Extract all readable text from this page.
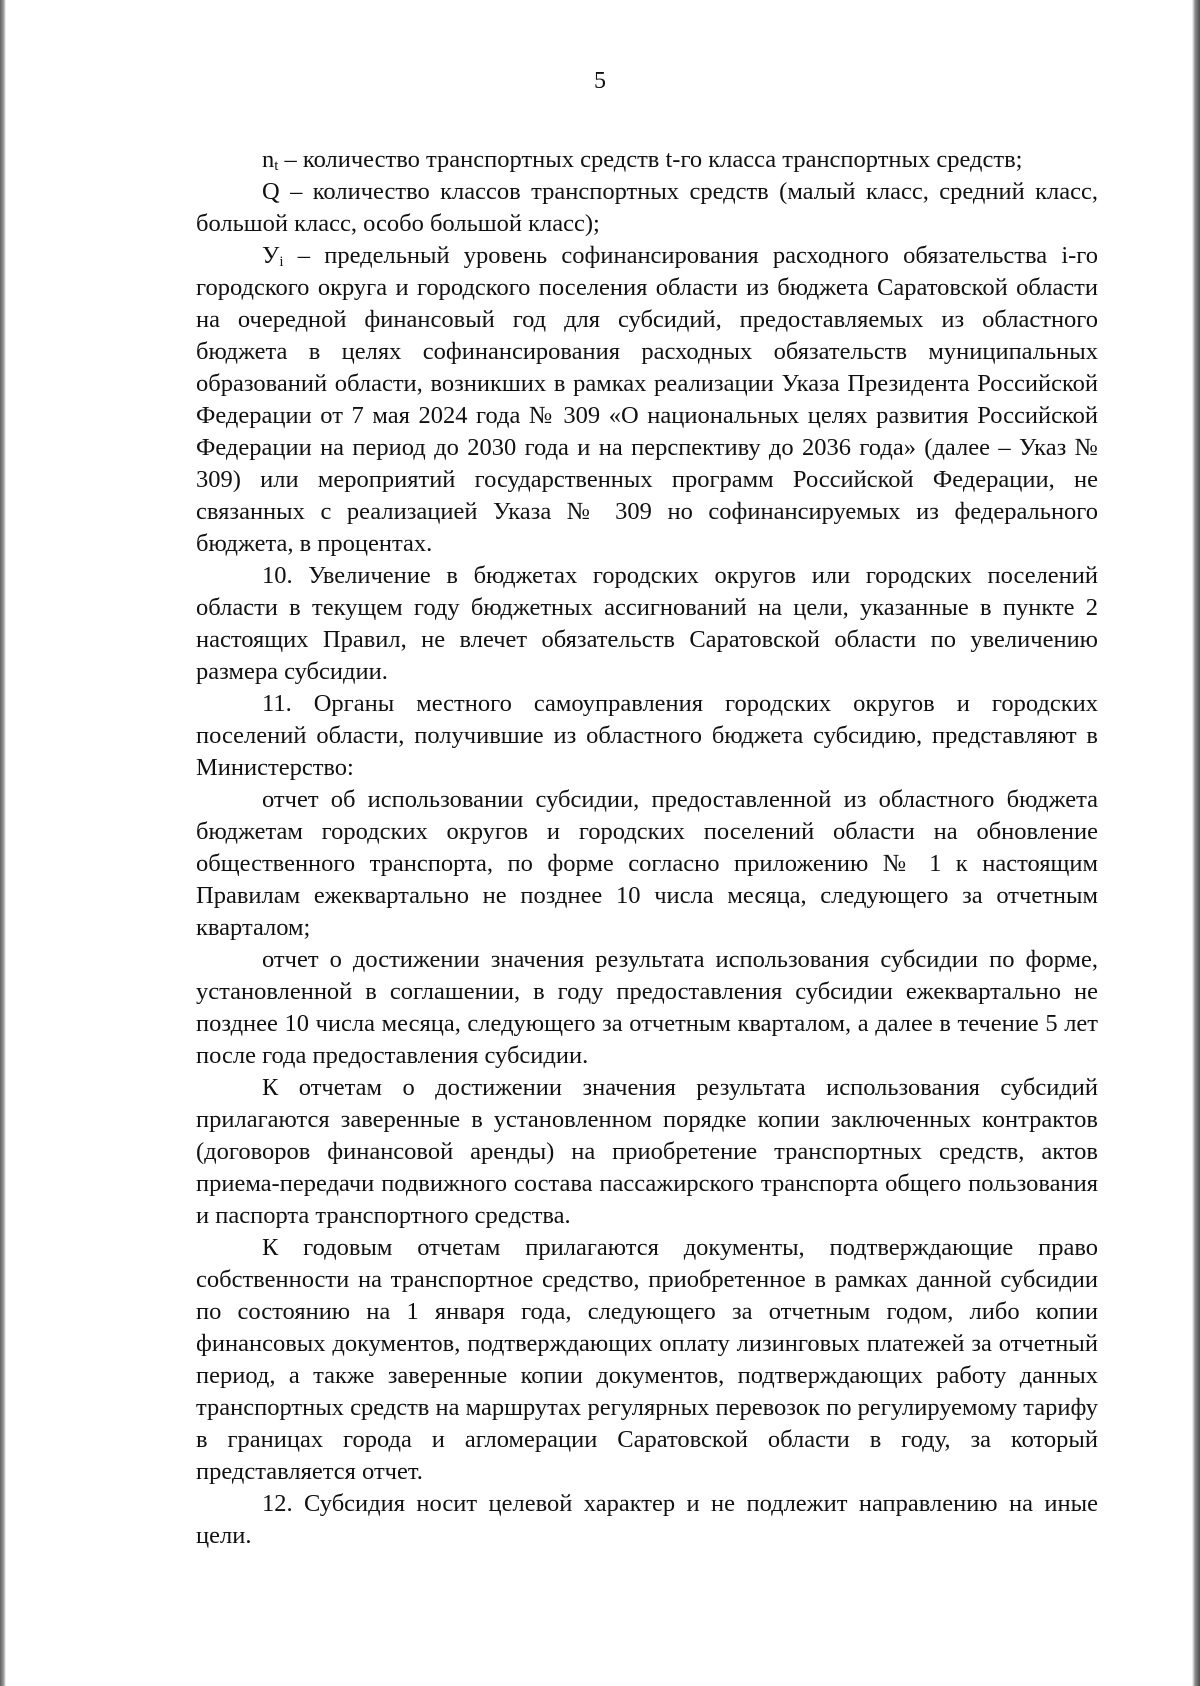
5

$n_t$ – количество транспортных средств t-го класса транспортных средств;

Q – количество классов транспортных средств (малый класс, средний класс, большой класс, особо большой класс);

$У_i$ – предельный уровень софинансирования расходного обязательства i-го городского округа и городского поселения области из бюджета Саратовской области на очередной финансовый год для субсидий, предоставляемых из областного бюджета в целях софинансирования расходных обязательств муниципальных образований области, возникших в рамках реализации Указа Президента Российской Федерации от 7 мая 2024 года № 309 «О национальных целях развития Российской Федерации на период до 2030 года и на перспективу до 2036 года» (далее – Указ № 309) или мероприятий государственных программ Российской Федерации, не связанных с реализацией Указа № 309 но софинансируемых из федерального бюджета, в процентах.

10. Увеличение в бюджетах городских округов или городских поселений области в текущем году бюджетных ассигнований на цели, указанные в пункте 2 настоящих Правил, не влечет обязательств Саратовской области по увеличению размера субсидии.

11. Органы местного самоуправления городских округов и городских поселений области, получившие из областного бюджета субсидию, представляют в Министерство:

отчет об использовании субсидии, предоставленной из областного бюджета бюджетам городских округов и городских поселений области на обновление общественного транспорта, по форме согласно приложению № 1 к настоящим Правилам ежеквартально не позднее 10 числа месяца, следующего за отчетным кварталом;

отчет о достижении значения результата использования субсидии по форме, установленной в соглашении, в году предоставления субсидии ежеквартально не позднее 10 числа месяца, следующего за отчетным кварталом, а далее в течение 5 лет после года предоставления субсидии.

К отчетам о достижении значения результата использования субсидий прилагаются заверенные в установленном порядке копии заключенных контрактов (договоров финансовой аренды) на приобретение транспортных средств, актов приема-передачи подвижного состава пассажирского транспорта общего пользования и паспорта транспортного средства.

К годовым отчетам прилагаются документы, подтверждающие право собственности на транспортное средство, приобретенное в рамках данной субсидии по состоянию на 1 января года, следующего за отчетным годом, либо копии финансовых документов, подтверждающих оплату лизинговых платежей за отчетный период, а также заверенные копии документов, подтверждающих работу данных транспортных средств на маршрутах регулярных перевозок по регулируемому тарифу в границах города и агломерации Саратовской области в году, за который представляется отчет.

12. Субсидия носит целевой характер и не подлежит направлению на иные цели.
